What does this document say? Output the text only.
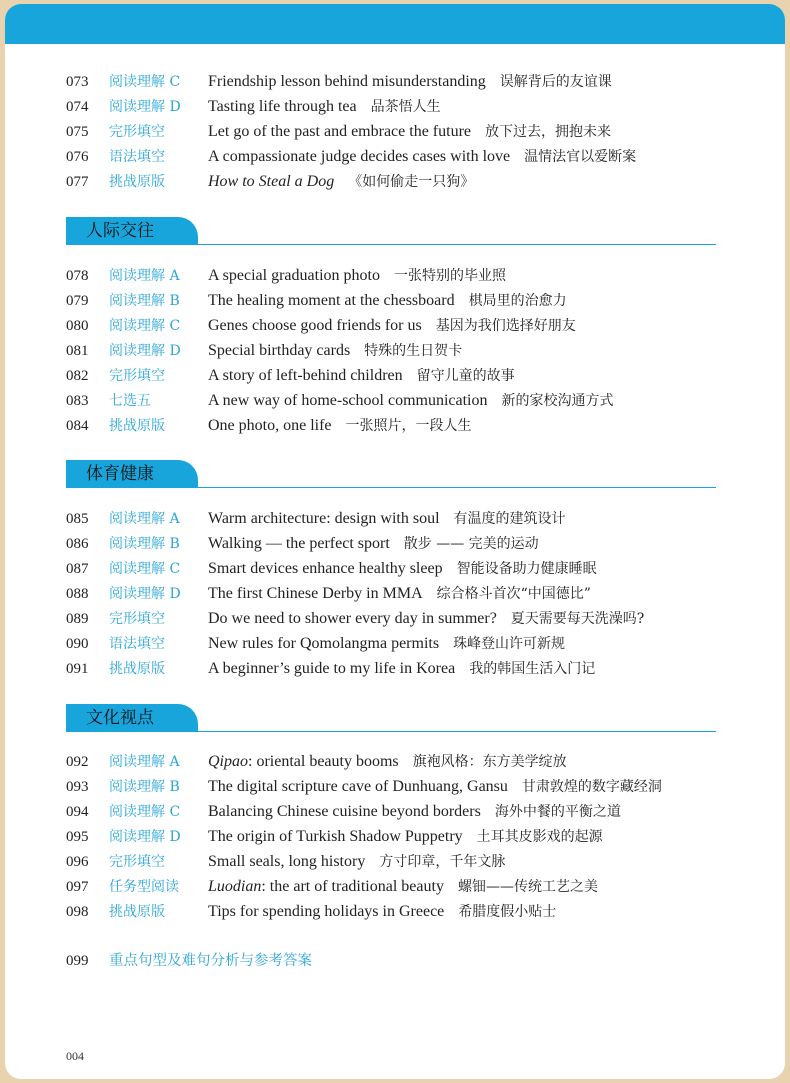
073 阅读理解 C Friendship lesson behind misunderstanding 误解背后的友谊课
074 阅读理解 D Tasting life through tea 品茶悟人生
075 完形填空	Let go of the past and embrace the future 放下过去，拥抱未来
076 语法填空	A compassionate judge decides cases with love 温情法官以爱断案
077 挑战原版	How to Steal a Dog 《如何偷走一只狗》
人际交往
078 阅读理解 A A special graduation photo 一张特别的毕业照
079 阅读理解 B The healing moment at the chessboard 棋局里的治愈力
080 阅读理解 C Genes choose good friends for us 基因为我们选择好朋友
081 阅读理解 D Special birthday cards 特殊的生日贺卡
082 完形填空	A story of left-behind children 留守儿童的故事
083 七选五	A new way of home-school communication 新的家校沟通方式
084 挑战原版	One photo, one life 一张照片，一段人生
体育健康
085 阅读理解 A Warm architecture: design with soul 有温度的建筑设计
086 阅读理解 B Walking — the perfect sport 散步 —— 完美的运动
087 阅读理解 C Smart devices enhance healthy sleep 智能设备助力健康睡眠
088 阅读理解 D The first Chinese Derby in MMA 综合格斗首次“中国德比”
089 完形填空	Do we need to shower every day in summer? 夏天需要每天洗澡吗?
090 语法填空	New rules for Qomolangma permits 珠峰登山许可新规
091 挑战原版	A beginner’s guide to my life in Korea 我的韩国生活入门记
文化视点
092 阅读理解 A Qipao: oriental beauty booms 旗袍风格：东方美学绽放
093 阅读理解 B The digital scripture cave of Dunhuang, Gansu 甘肃敦煌的数字藏经洞
094 阅读理解 C Balancing Chinese cuisine beyond borders 海外中餐的平衡之道
095 阅读理解 D The origin of Turkish Shadow Puppetry 土耳其皮影戏的起源
096 完形填空	Small seals, long history 方寸印章，千年文脉
097 任务型阅读 Luodian: the art of traditional beauty 螺钿——传统工艺之美
098 挑战原版	Tips for spending holidays in Greece 希腊度假小贴士
099 重点句型及难句分析与参考答案
004
